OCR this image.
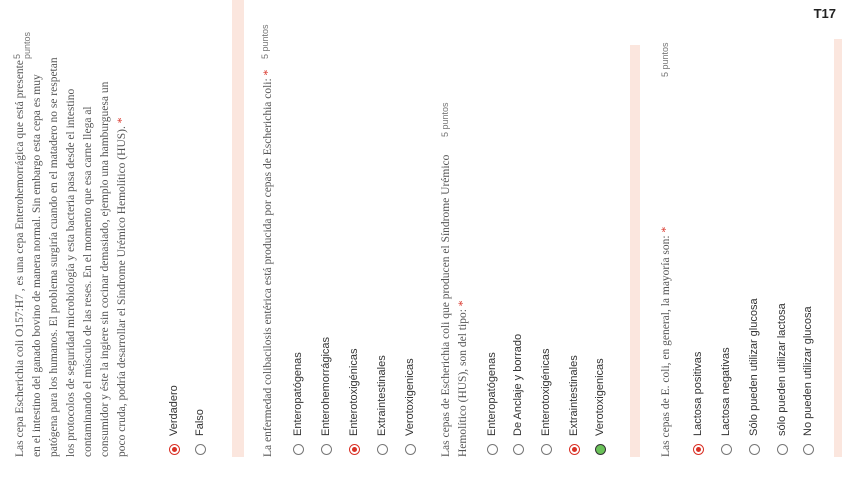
T17
Las cepa Escherichia coli O157:H7 , es una cepa Enterohemorrágica que está presente en el intestino del ganado bovino de manera normal. Sin embargo esta cepa es muy patógena para los humanos. El problema surgiría cuando en el matadero no se respetan los protocolos de seguridad microbiología y esta bacteria pasa desde el intestino contaminando el músculo de las reses. En el momento que esa carne llega al consumidor y éste la ingiere sin cocinar demasiado, ejemplo una hamburguesa un poco cruda, podría desarrollar el Síndrome Urémico Hemolítico (HUS). *
5 puntos
Verdadero Falso	La enfermedad colibacilosis entérica está producida por cepas de Escherichia coli: *
5 puntos
Enteropatógenas Enterohemorrágicas Enterotoxigénicas Extraintestinales Verotoxigenicas Las cepas de Escherichia coli que producen el Síndrome Urémico Hemolítico (HUS), son del tipo: *
5 puntos
Enteropatógenas De Anclaje y borrado Enterotoxigénicas Extraintestinales Verotoxigenicas	Las cepas de E. coli, en general, la mayoría son: *
5 puntos
Lactosa positivas Lactosa negativas Sólo pueden utilizar glucosa sólo pueden utilizar lactosa No pueden utilizar glucosa
